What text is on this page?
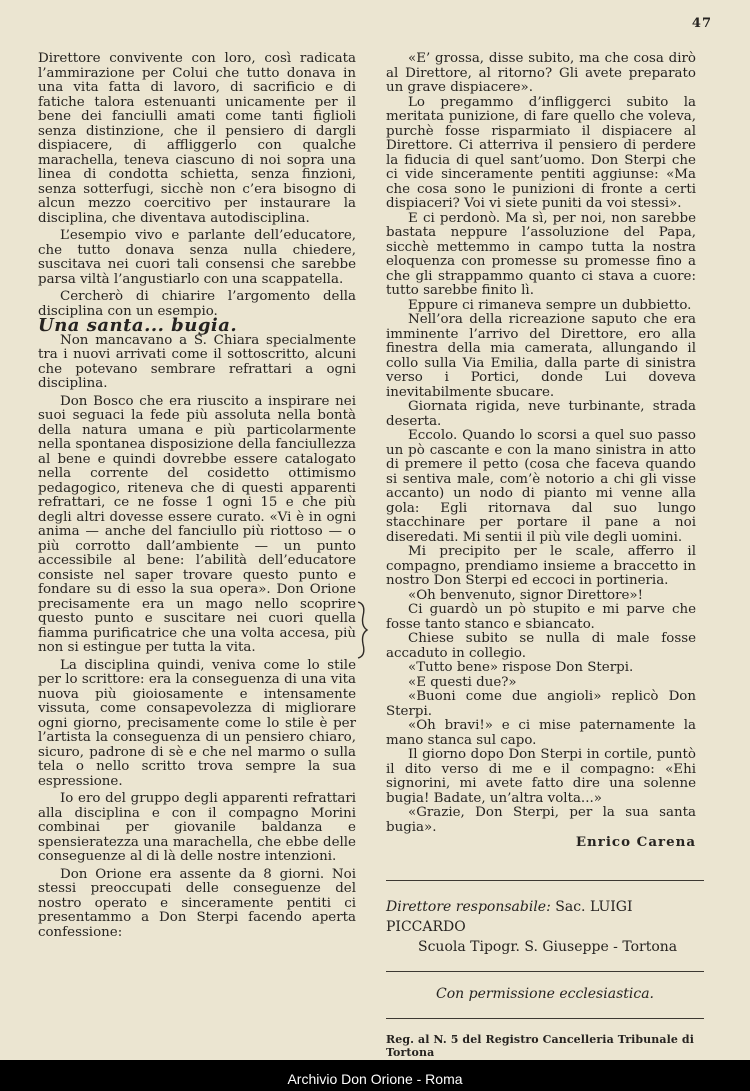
47

Direttore convivente con loro, così radicata l’ammirazione per Colui che tutto donava in una vita fatta di lavoro, di sacrificio e di fatiche talora estenuanti unicamente per il bene dei fanciulli amati come tanti figlioli senza distinzione, che il pensiero di dargli dispiacere, di affliggerlo con qualche marachella, teneva ciascuno di noi sopra una linea di condotta schietta, senza finzioni, senza sotterfugi, sicchè non c’era bisogno di alcun mezzo coercitivo per instaurare la disciplina, che diventava autodisciplina.

L’esempio vivo e parlante dell’educatore, che tutto donava senza nulla chiedere, suscitava nei cuori tali consensi che sarebbe parsa viltà l’angustiarlo con una scappatella.

Cercherò di chiarire l’argomento della disciplina con un esempio.

Una santa... bugia.

Non mancavano a S. Chiara specialmente tra i nuovi arrivati come il sottoscritto, alcuni che potevano sembrare refrattari a ogni disciplina.

Don Bosco che era riuscito a inspirare nei suoi seguaci la fede più assoluta nella bontà della natura umana e più particolarmente nella spontanea disposizione della fanciullezza al bene e quindi dovrebbe essere catalogato nella corrente del cosidetto ottimismo pedagogico, riteneva che di questi apparenti refrattari, ce ne fosse 1 ogni 15 e che più degli altri dovesse essere curato. «Vi è in ogni anima — anche del fanciullo più riottoso — o più corrotto dall’ambiente — un punto accessibile al bene: l’abilità dell’educatore consiste nel saper trovare questo punto e fondare su di esso la sua opera». Don Orione precisamente era un mago nello scoprire questo punto e suscitare nei cuori quella fiamma purificatrice che una volta accesa, più non si estingue per tutta la vita.

La disciplina quindi, veniva come lo stile per lo scrittore: era la conseguenza di una vita nuova più gioiosamente e intensamente vissuta, come consapevolezza di migliorare ogni giorno, precisamente come lo stile è per l’artista la conseguenza di un pensiero chiaro, sicuro, padrone di sè e che nel marmo o sulla tela o nello scritto trova sempre la sua espressione.

Io ero del gruppo degli apparenti refrattari alla disciplina e con il compagno Morini combinai per giovanile baldanza e spensieratezza una marachella, che ebbe delle conseguenze al di là delle nostre intenzioni.

Don Orione era assente da 8 giorni. Noi stessi preoccupati delle conseguenze del nostro operato e sinceramente pentiti ci presentammo a Don Sterpi facendo aperta confessione:

«E’ grossa, disse subito, ma che cosa dirò al Direttore, al ritorno? Gli avete preparato un grave dispiacere».

Lo pregammo d’infliggerci subito la meritata punizione, di fare quello che voleva, purchè fosse risparmiato il dispiacere al Direttore. Ci atterriva il pensiero di perdere la fiducia di quel sant’uomo. Don Sterpi che ci vide sinceramente pentiti aggiunse: «Ma che cosa sono le punizioni di fronte a certi dispiaceri? Voi vi siete puniti da voi stessi».

E ci perdonò. Ma sì, per noi, non sarebbe bastata neppure l’assoluzione del Papa, sicchè mettemmo in campo tutta la nostra eloquenza con promesse su promesse fino a che gli strappammo quanto ci stava a cuore: tutto sarebbe finito lì.

Eppure ci rimaneva sempre un dubbietto.

Nell’ora della ricreazione saputo che era imminente l’arrivo del Direttore, ero alla finestra della mia camerata, allungando il collo sulla Via Emilia, dalla parte di sinistra verso i Portici, donde Lui doveva inevitabilmente sbucare.

Giornata rigida, neve turbinante, strada deserta.

Eccolo. Quando lo scorsi a quel suo passo un pò cascante e con la mano sinistra in atto di premere il petto (cosa che faceva quando si sentiva male, com’è notorio a chi gli visse accanto) un nodo di pianto mi venne alla gola: Egli ritornava dal suo lungo stacchinare per portare il pane a noi diseredati. Mi sentii il più vile degli uomini.

Mi precipito per le scale, afferro il compagno, prendiamo insieme a braccetto in nostro Don Sterpi ed eccoci in portineria.

«Oh benvenuto, signor Direttore»!

Ci guardò un pò stupito e mi parve che fosse tanto stanco e sbiancato.

Chiese subito se nulla di male fosse accaduto in collegio.

«Tutto bene» rispose Don Sterpi.

«E questi due?»

«Buoni come due angioli» replicò Don Sterpi.

«Oh bravi!» e ci mise paternamente la mano stanca sul capo.

Il giorno dopo Don Sterpi in cortile, puntò il dito verso di me e il compagno: «Ehi signorini, mi avete fatto dire una solenne bugia! Badate, un’altra volta...»

«Grazie, Don Sterpi, per la sua santa bugia».

Enrico Carena

Direttore responsabile: Sac. LUIGI PICCARDO
Scuola Tipogr. S. Giuseppe - Tortona

Con permissione ecclesiastica.

Reg. al N. 5 del Registro Cancelleria Tribunale di Tortona
Archivio Don Orione - Roma
